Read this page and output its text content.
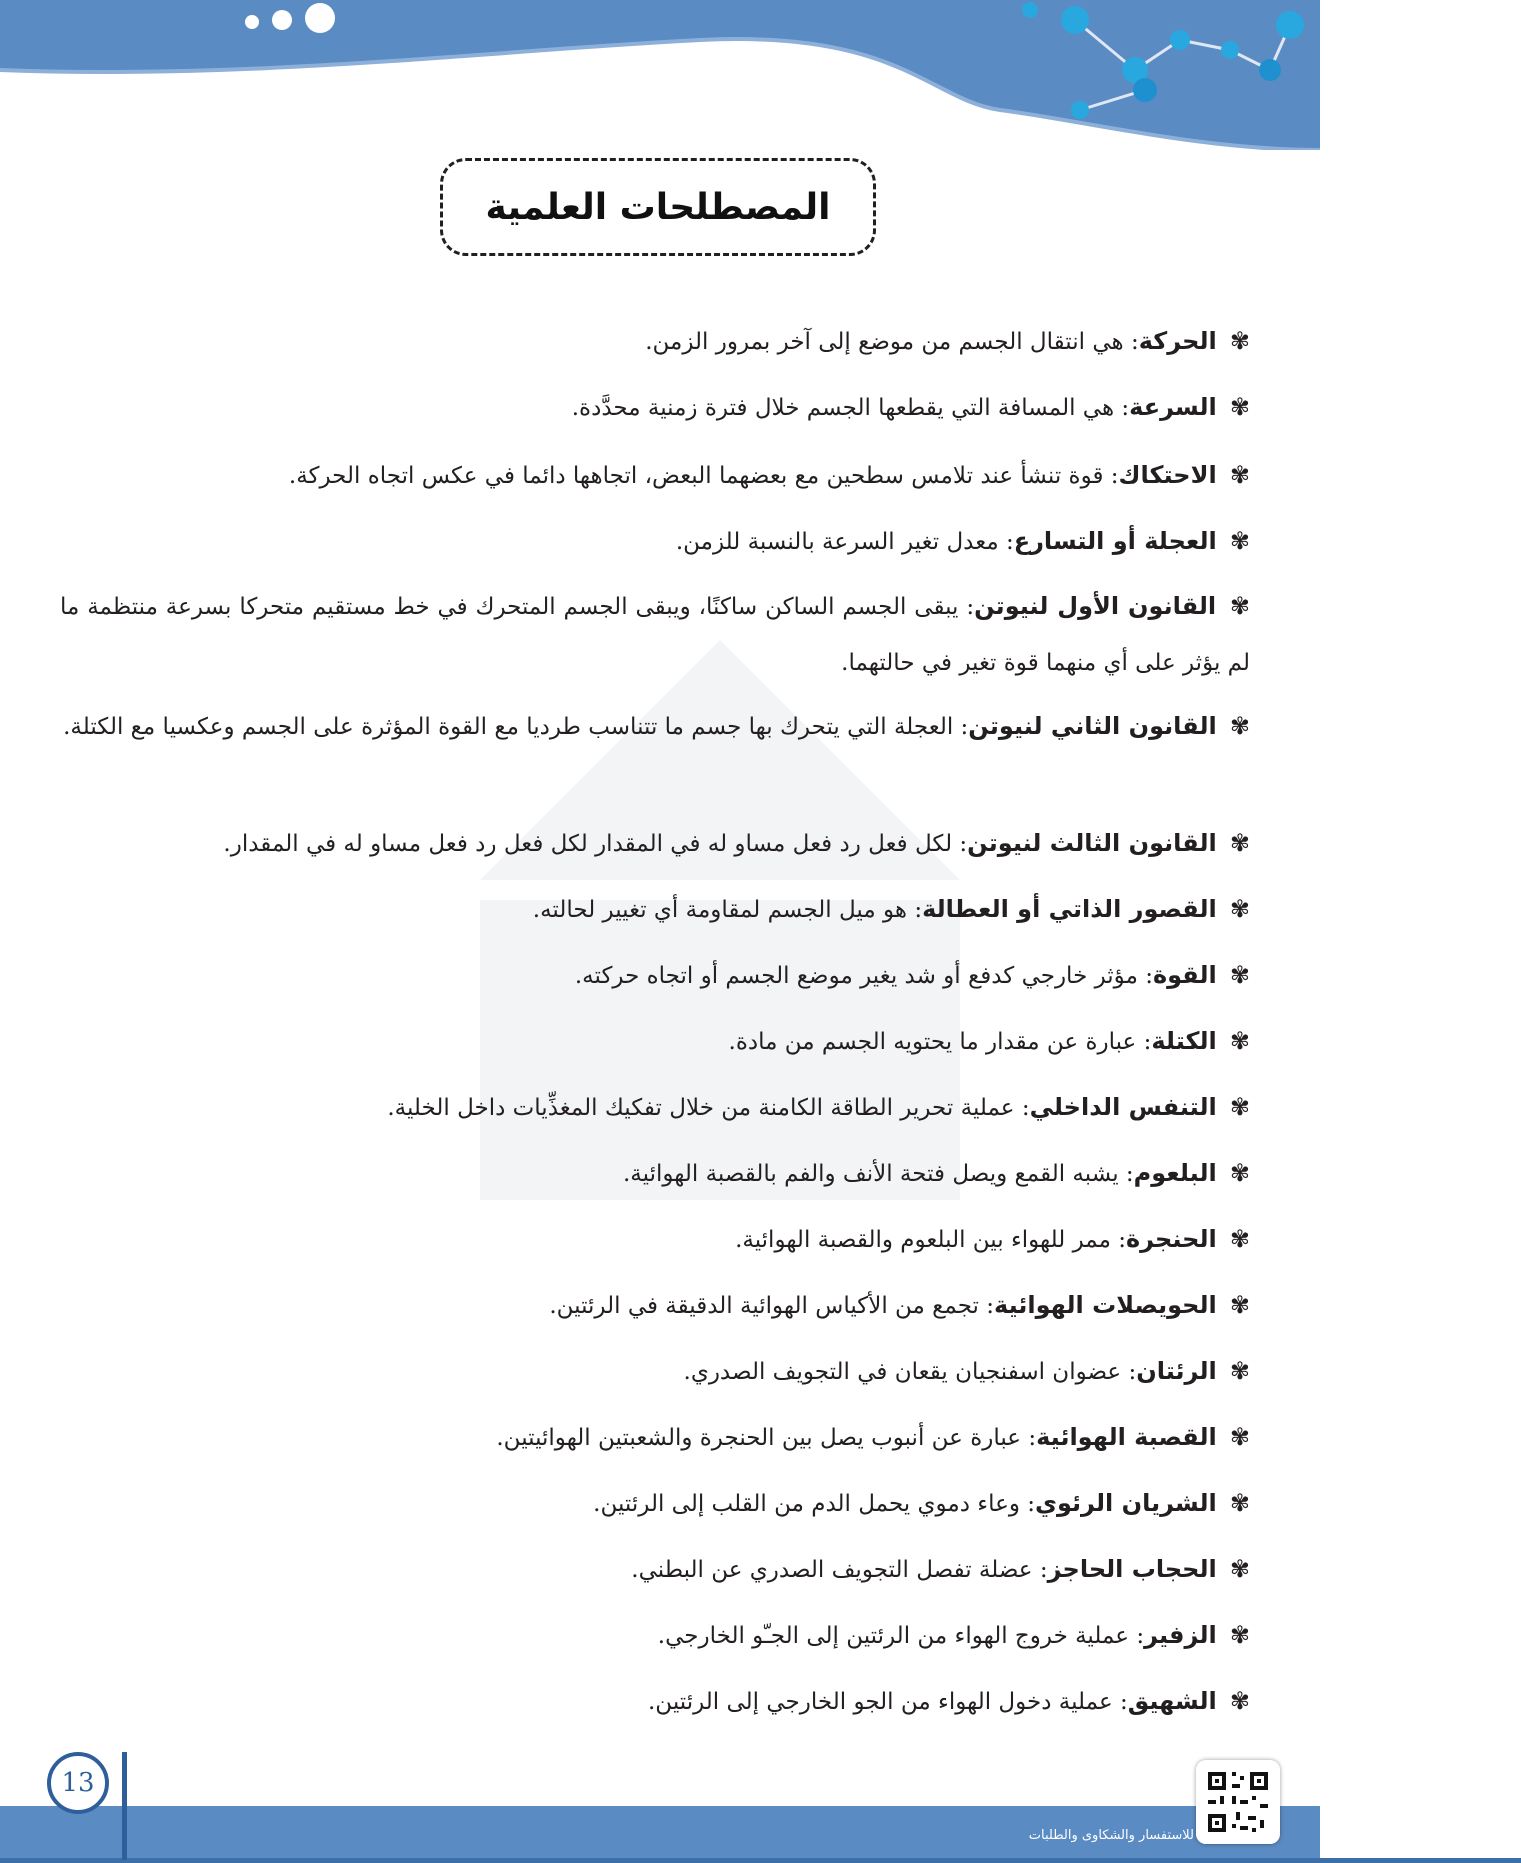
المصطلحات العلمية
✾ الحركة: هي انتقال الجسم من موضع إلى آخر بمرور الزمن.
✾ السرعة: هي المسافة التي يقطعها الجسم خلال فترة زمنية محدَّدة.
✾ الاحتكاك: قوة تنشأ عند تلامس سطحين مع بعضهما البعض، اتجاهها دائما في عكس اتجاه الحركة.
✾ العجلة أو التسارع: معدل تغير السرعة بالنسبة للزمن.
✾ القانون الأول لنيوتن: يبقى الجسم الساكن ساكنًا، ويبقى الجسم المتحرك في خط مستقيم متحركا بسرعة منتظمة ما لم يؤثر على أي منهما قوة تغير في حالتهما.
✾ القانون الثاني لنيوتن: العجلة التي يتحرك بها جسم ما تتناسب طرديا مع القوة المؤثرة على الجسم وعكسيا مع الكتلة.
✾ القانون الثالث لنيوتن: لكل فعل رد فعل مساو له في المقدار لكل فعل رد فعل مساو له في المقدار.
✾ القصور الذاتي أو العطالة: هو ميل الجسم لمقاومة أي تغيير لحالته.
✾ القوة: مؤثر خارجي كدفع أو شد يغير موضع الجسم أو اتجاه حركته.
✾ الكتلة: عبارة عن مقدار ما يحتويه الجسم من مادة.
✾ التنفس الداخلي: عملية تحرير الطاقة الكامنة من خلال تفكيك المغذِّيات داخل الخلية.
✾ البلعوم: يشبه القمع ويصل فتحة الأنف والفم بالقصبة الهوائية.
✾ الحنجرة: ممر للهواء بين البلعوم والقصبة الهوائية.
✾ الحويصلات الهوائية: تجمع من الأكياس الهوائية الدقيقة في الرئتين.
✾ الرئتان: عضوان اسفنجيان يقعان في التجويف الصدري.
✾ القصبة الهوائية: عبارة عن أنبوب يصل بين الحنجرة والشعبتين الهوائيتين.
✾ الشريان الرئوي: وعاء دموي يحمل الدم من القلب إلى الرئتين.
✾ الحجاب الحاجز: عضلة تفصل التجويف الصدري عن البطني.
✾ الزفير: عملية خروج الهواء من الرئتين إلى الجـّو الخارجي.
✾ الشهيق: عملية دخول الهواء من الجو الخارجي إلى الرئتين.
13
للاستفسار والشكاوى والطلبات
